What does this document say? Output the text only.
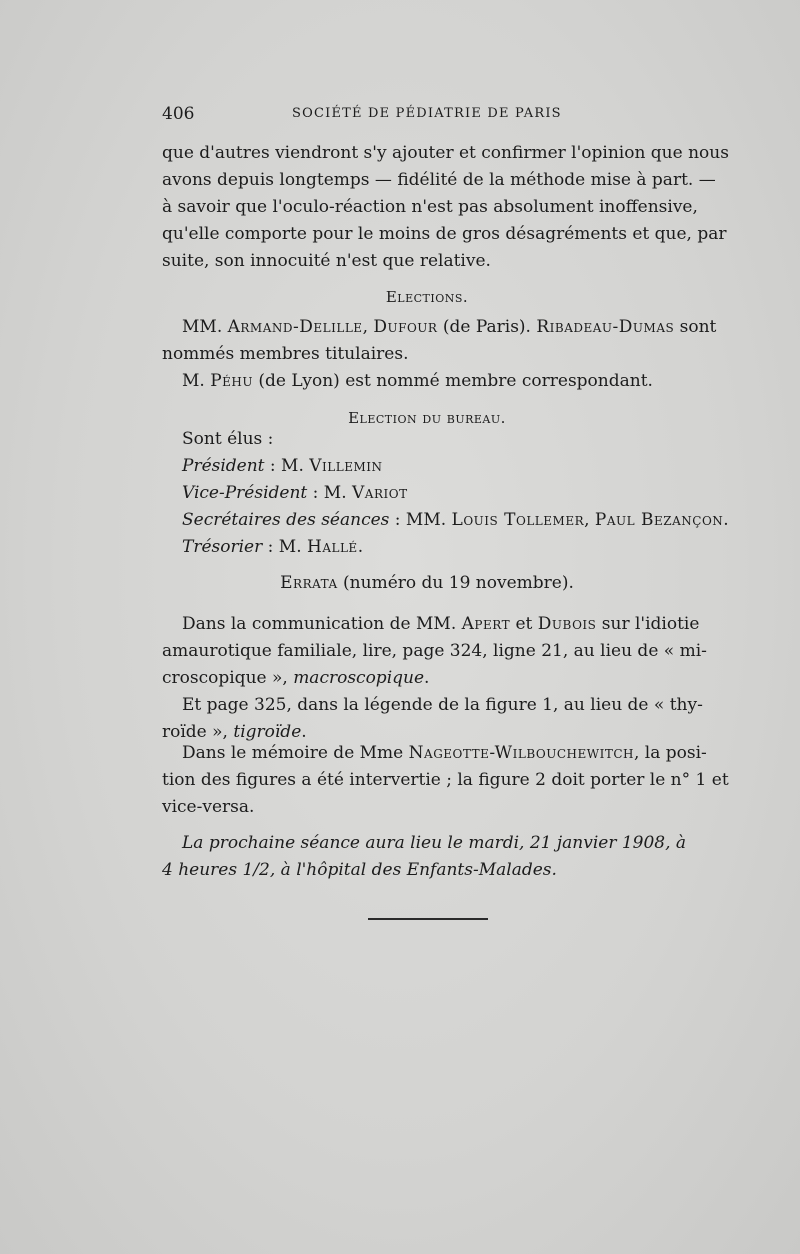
406	SOCIÉTÉ DE PÉDIATRIE DE PARIS
que d'autres viendront s'y ajouter et confirmer l'opinion que nous
avons depuis longtemps — fidélité de la méthode mise à part. —
à savoir que l'oculo-réaction n'est pas absolument inoffensive,
qu'elle comporte pour le moins de gros désagréments et que, par
suite, son innocuité n'est que relative.
Elections.
MM. Armand-Delille, Dufour (de Paris). Ribadeau-Dumas sont
nommés membres titulaires.
M. Péhu (de Lyon) est nommé membre correspondant.
Election du bureau.
Sont élus :
Président : M. Villemin
Vice-Président : M. Variot
Secrétaires des séances : MM. Louis Tollemer, Paul Bezançon.
Trésorier : M. Hallé.
Errata (numéro du 19 novembre).
Dans la communication de MM. Apert et Dubois sur l'idiotie
amaurotique familiale, lire, page 324, ligne 21, au lieu de « mi-
croscopique », macroscopique.
Et page 325, dans la légende de la figure 1, au lieu de « thy-
roïde », tigroïde.
Dans le mémoire de Mme Nageotte-Wilbouchewitch, la posi-
tion des figures a été intervertie ; la figure 2 doit porter le n° 1 et
vice-versa.
La prochaine séance aura lieu le mardi, 21 janvier 1908, à
4 heures 1/2, à l'hôpital des Enfants-Malades.
